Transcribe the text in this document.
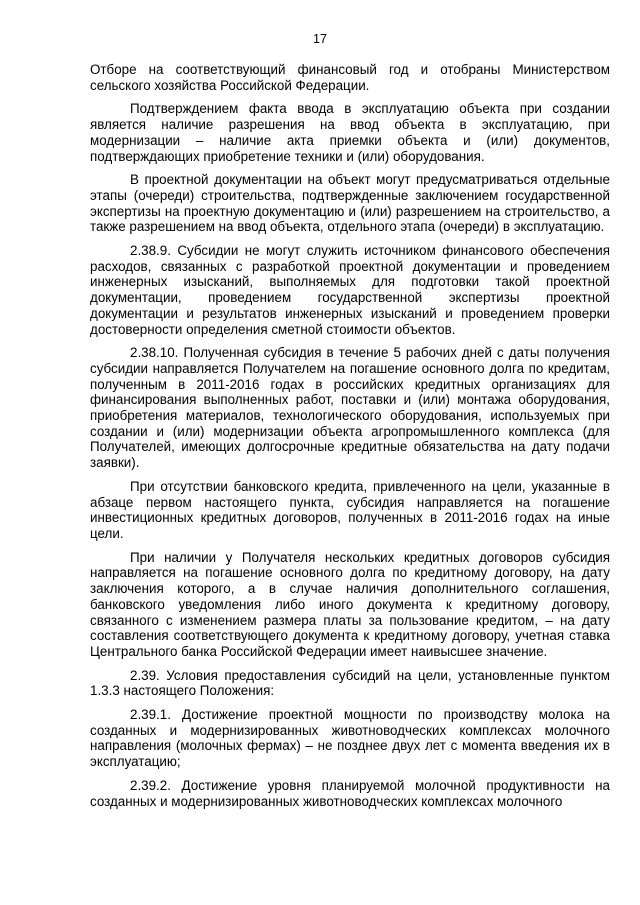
17

Отборе на соответствующий финансовый год и отобраны Министерством сельского хозяйства Российской Федерации.

Подтверждением факта ввода в эксплуатацию объекта при создании является наличие разрешения на ввод объекта в эксплуатацию, при модернизации – наличие акта приемки объекта и (или) документов, подтверждающих приобретение техники и (или) оборудования.

В проектной документации на объект могут предусматриваться отдельные этапы (очереди) строительства, подтвержденные заключением государственной экспертизы на проектную документацию и (или) разрешением на строительство, а также разрешением на ввод объекта, отдельного этапа (очереди) в эксплуатацию.

2.38.9. Субсидии не могут служить источником финансового обеспечения расходов, связанных с разработкой проектной документации и проведением инженерных изысканий, выполняемых для подготовки такой проектной документации, проведением государственной экспертизы проектной документации и результатов инженерных изысканий и проведением проверки достоверности определения сметной стоимости объектов.

2.38.10. Полученная субсидия в течение 5 рабочих дней с даты получения субсидии направляется Получателем на погашение основного долга по кредитам, полученным в 2011-2016 годах в российских кредитных организациях для финансирования выполненных работ, поставки и (или) монтажа оборудования, приобретения материалов, технологического оборудования, используемых при создании и (или) модернизации объекта агропромышленного комплекса (для Получателей, имеющих долгосрочные кредитные обязательства на дату подачи заявки).

При отсутствии банковского кредита, привлеченного на цели, указанные в абзаце первом настоящего пункта, субсидия направляется на погашение инвестиционных кредитных договоров, полученных в 2011-2016 годах на иные цели.

При наличии у Получателя нескольких кредитных договоров субсидия направляется на погашение основного долга по кредитному договору, на дату заключения которого, а в случае наличия дополнительного соглашения, банковского уведомления либо иного документа к кредитному договору, связанного с изменением размера платы за пользование кредитом, – на дату составления соответствующего документа к кредитному договору, учетная ставка Центрального банка Российской Федерации имеет наивысшее значение.

2.39. Условия предоставления субсидий на цели, установленные пунктом 1.3.3 настоящего Положения:

2.39.1. Достижение проектной мощности по производству молока на созданных и модернизированных животноводческих комплексах молочного направления (молочных фермах) – не позднее двух лет с момента введения их в эксплуатацию;

2.39.2. Достижение уровня планируемой молочной продуктивности на созданных и модернизированных животноводческих комплексах молочного
